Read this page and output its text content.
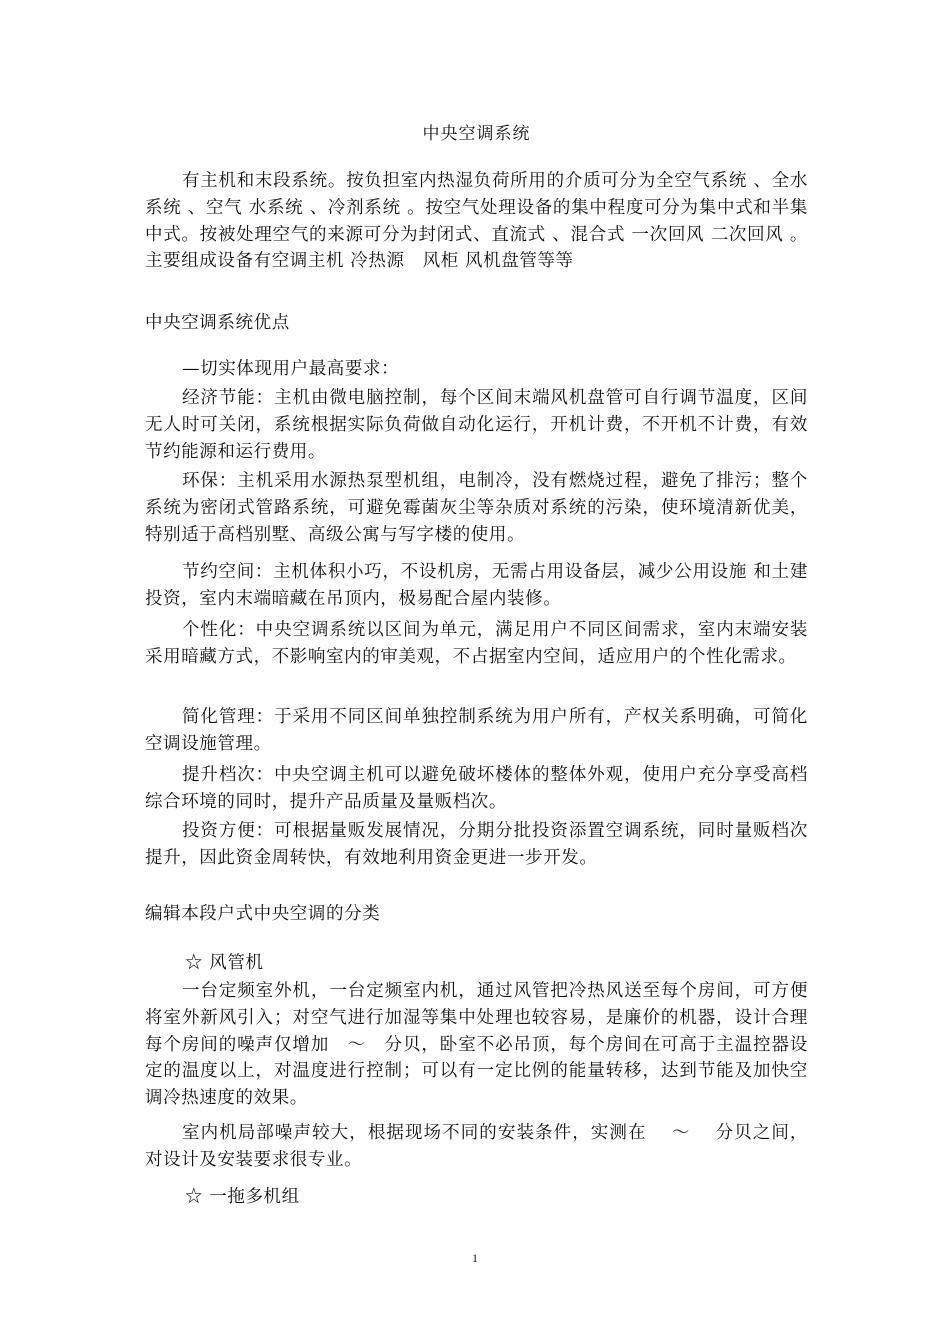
中央空调系统

有主机和末段系统。按负担室内热湿负荷所用的介质可分为全空气系统 、全水系统 、空气 水系统 、冷剂系统 。按空气处理设备的集中程度可分为集中式和半集中式。按被处理空气的来源可分为封闭式、直流式 、混合式 一次回风 二次回风 。主要组成设备有空调主机 冷热源　风柜 风机盘管等等

中央空调系统优点

—切实体现用户最高要求：

经济节能：主机由微电脑控制，每个区间末端风机盘管可自行调节温度，区间无人时可关闭，系统根据实际负荷做自动化运行，开机计费，不开机不计费，有效节约能源和运行费用。

环保：主机采用水源热泵型机组，电制冷，没有燃烧过程，避免了排污；整个系统为密闭式管路系统，可避免霉菌灰尘等杂质对系统的污染，使环境清新优美，特别适于高档别墅、高级公寓与写字楼的使用。

节约空间：主机体积小巧，不设机房，无需占用设备层，减少公用设施 和土建投资，室内末端暗藏在吊顶内，极易配合屋内装修。

个性化：中央空调系统以区间为单元，满足用户不同区间需求，室内末端安装采用暗藏方式，不影响室内的审美观，不占据室内空间，适应用户的个性化需求。

简化管理：于采用不同区间单独控制系统为用户所有，产权关系明确，可简化空调设施管理。

提升档次：中央空调主机可以避免破坏楼体的整体外观，使用户充分享受高档综合环境的同时，提升产品质量及量贩档次。

投资方便：可根据量贩发展情况，分期分批投资添置空调系统，同时量贩档次提升，因此资金周转快，有效地利用资金更进一步开发。

编辑本段户式中央空调的分类
☆ 风管机

一台定频室外机，一台定频室内机，通过风管把冷热风送至每个房间，可方便将室外新风引入；对空气进行加湿等集中处理也较容易，是廉价的机器，设计合理每个房间的噪声仅增加　～　分贝，卧室不必吊顶，每个房间在可高于主温控器设定的温度以上，对温度进行控制；可以有一定比例的能量转移，达到节能及加快空调冷热速度的效果。

室内机局部噪声较大，根据现场不同的安装条件，实测在　 ～　 分贝之间，对设计及安装要求很专业。

☆ 一拖多机组
1
